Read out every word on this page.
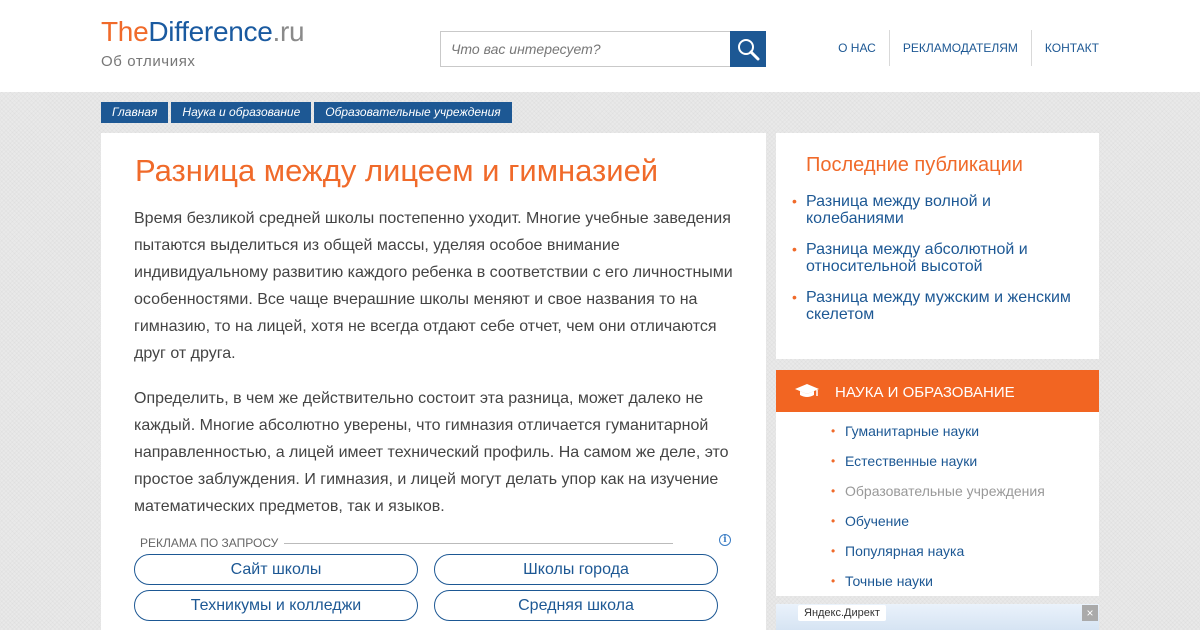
TheDifference.ru
Об отличиях
Что вас интересует?
О НАС	РЕКЛАМОДАТЕЛЯМ	КОНТАКТ
Главная	Наука и образование	Образовательные учреждения
Разница между лицеем и гимназией

Время безликой средней школы постепенно уходит. Многие учебные заведения пытаются выделиться из общей массы, уделяя особое внимание индивидуальному развитию каждого ребенка в соответствии с его личностными особенностями. Все чаще вчерашние школы меняют и свое названия то на гимназию, то на лицей, хотя не всегда отдают себе отчет, чем они отличаются друг от друга.

Определить, в чем же действительно состоит эта разница, может далеко не каждый. Многие абсолютно уверены, что гимназия отличается гуманитарной направленностью, а лицей имеет технический профиль. На самом же деле, это простое заблуждения. И гимназия, и лицей могут делать упор как на изучение математических предметов, так и языков.

РЕКЛАМА ПО ЗАПРОСУ	i
Сайт школы	Школы города
Техникумы и колледжи	Средняя школа
Последние публикации
• Разница между волной и колебаниями
• Разница между абсолютной и относительной высотой
• Разница между мужским и женским скелетом
НАУКА И ОБРАЗОВАНИЕ
• Гуманитарные науки
• Естественные науки
• Образовательные учреждения
• Обучение
• Популярная наука
• Точные науки
Яндекс.Директ	×
